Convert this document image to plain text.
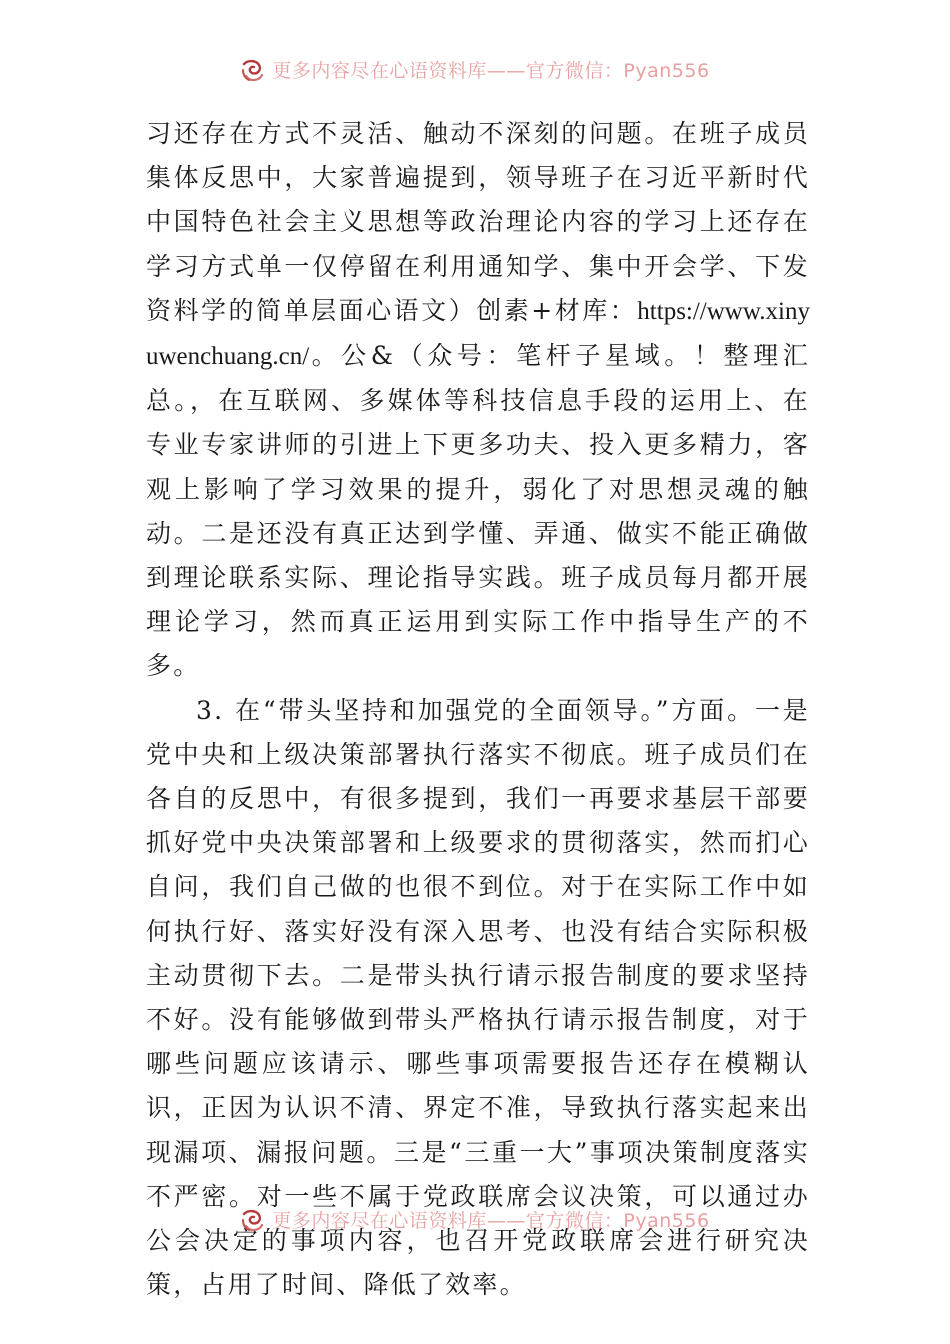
更多内容尽在心语资料库——官方微信：Pyan556

习还存在方式不灵活、触动不深刻的问题。在班子成员集体反思中，大家普遍提到，领导班子在习近平新时代中国特色社会主义思想等政治理论内容的学习上还存在学习方式单一仅停留在利用通知学、集中开会学、下发资料学的简单层面心语文）创素+材库：https://www.xinyuwenchuang.cn/。公&（众号：笔杆子星域。！整理汇总。，在互联网、多媒体等科技信息手段的运用上、在专业专家讲师的引进上下更多功夫、投入更多精力，客观上影响了学习效果的提升，弱化了对思想灵魂的触动。二是还没有真正达到学懂、弄通、做实不能正确做到理论联系实际、理论指导实践。班子成员每月都开展理论学习，然而真正运用到实际工作中指导生产的不多。

3. 在“带头坚持和加强党的全面领导。”方面。一是党中央和上级决策部署执行落实不彻底。班子成员们在各自的反思中，有很多提到，我们一再要求基层干部要抓好党中央决策部署和上级要求的贯彻落实，然而扪心自问，我们自己做的也很不到位。对于在实际工作中如何执行好、落实好没有深入思考、也没有结合实际积极主动贯彻下去。二是带头执行请示报告制度的要求坚持不好。没有能够做到带头严格执行请示报告制度，对于哪些问题应该请示、哪些事项需要报告还存在模糊认识，正因为认识不清、界定不准，导致执行落实起来出现漏项、漏报问题。三是“三重一大”事项决策制度落实不严密。对一些不属于党政联席会议决策，可以通过办公会决定的事项内容，也召开党政联席会进行研究决策，占用了时间、降低了效率。

更多内容尽在心语资料库——官方微信：Pyan556
